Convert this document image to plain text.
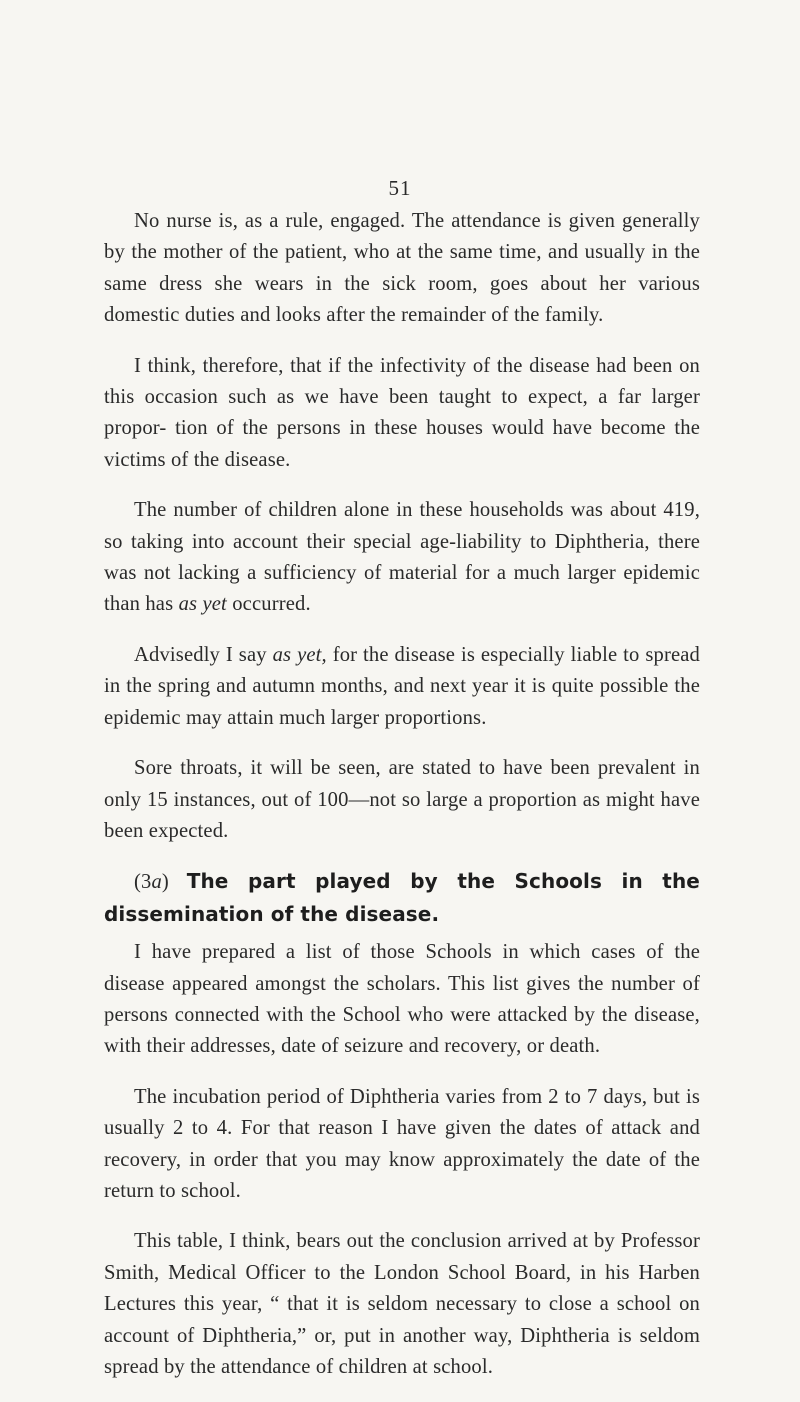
51

No nurse is, as a rule, engaged. The attendance is given generally by the mother of the patient, who at the same time, and usually in the same dress she wears in the sick room, goes about her various domestic duties and looks after the remainder of the family.

I think, therefore, that if the infectivity of the disease had been on this occasion such as we have been taught to expect, a far larger propor- tion of the persons in these houses would have become the victims of the disease.

The number of children alone in these households was about 419, so taking into account their special age-liability to Diphtheria, there was not lacking a sufficiency of material for a much larger epidemic than has as yet occurred.

Advisedly I say as yet, for the disease is especially liable to spread in the spring and autumn months, and next year it is quite possible the epidemic may attain much larger proportions.

Sore throats, it will be seen, are stated to have been prevalent in only 15 instances, out of 100—not so large a proportion as might have been expected.

(3a) The part played by the Schools in the dissemination of the disease.

I have prepared a list of those Schools in which cases of the disease appeared amongst the scholars. This list gives the number of persons connected with the School who were attacked by the disease, with their addresses, date of seizure and recovery, or death.

The incubation period of Diphtheria varies from 2 to 7 days, but is usually 2 to 4. For that reason I have given the dates of attack and recovery, in order that you may know approximately the date of the return to school.

This table, I think, bears out the conclusion arrived at by Professor Smith, Medical Officer to the London School Board, in his Harben Lectures this year, “ that it is seldom necessary to close a school on account of Diphtheria,” or, put in another way, Diphtheria is seldom spread by the attendance of children at school.
